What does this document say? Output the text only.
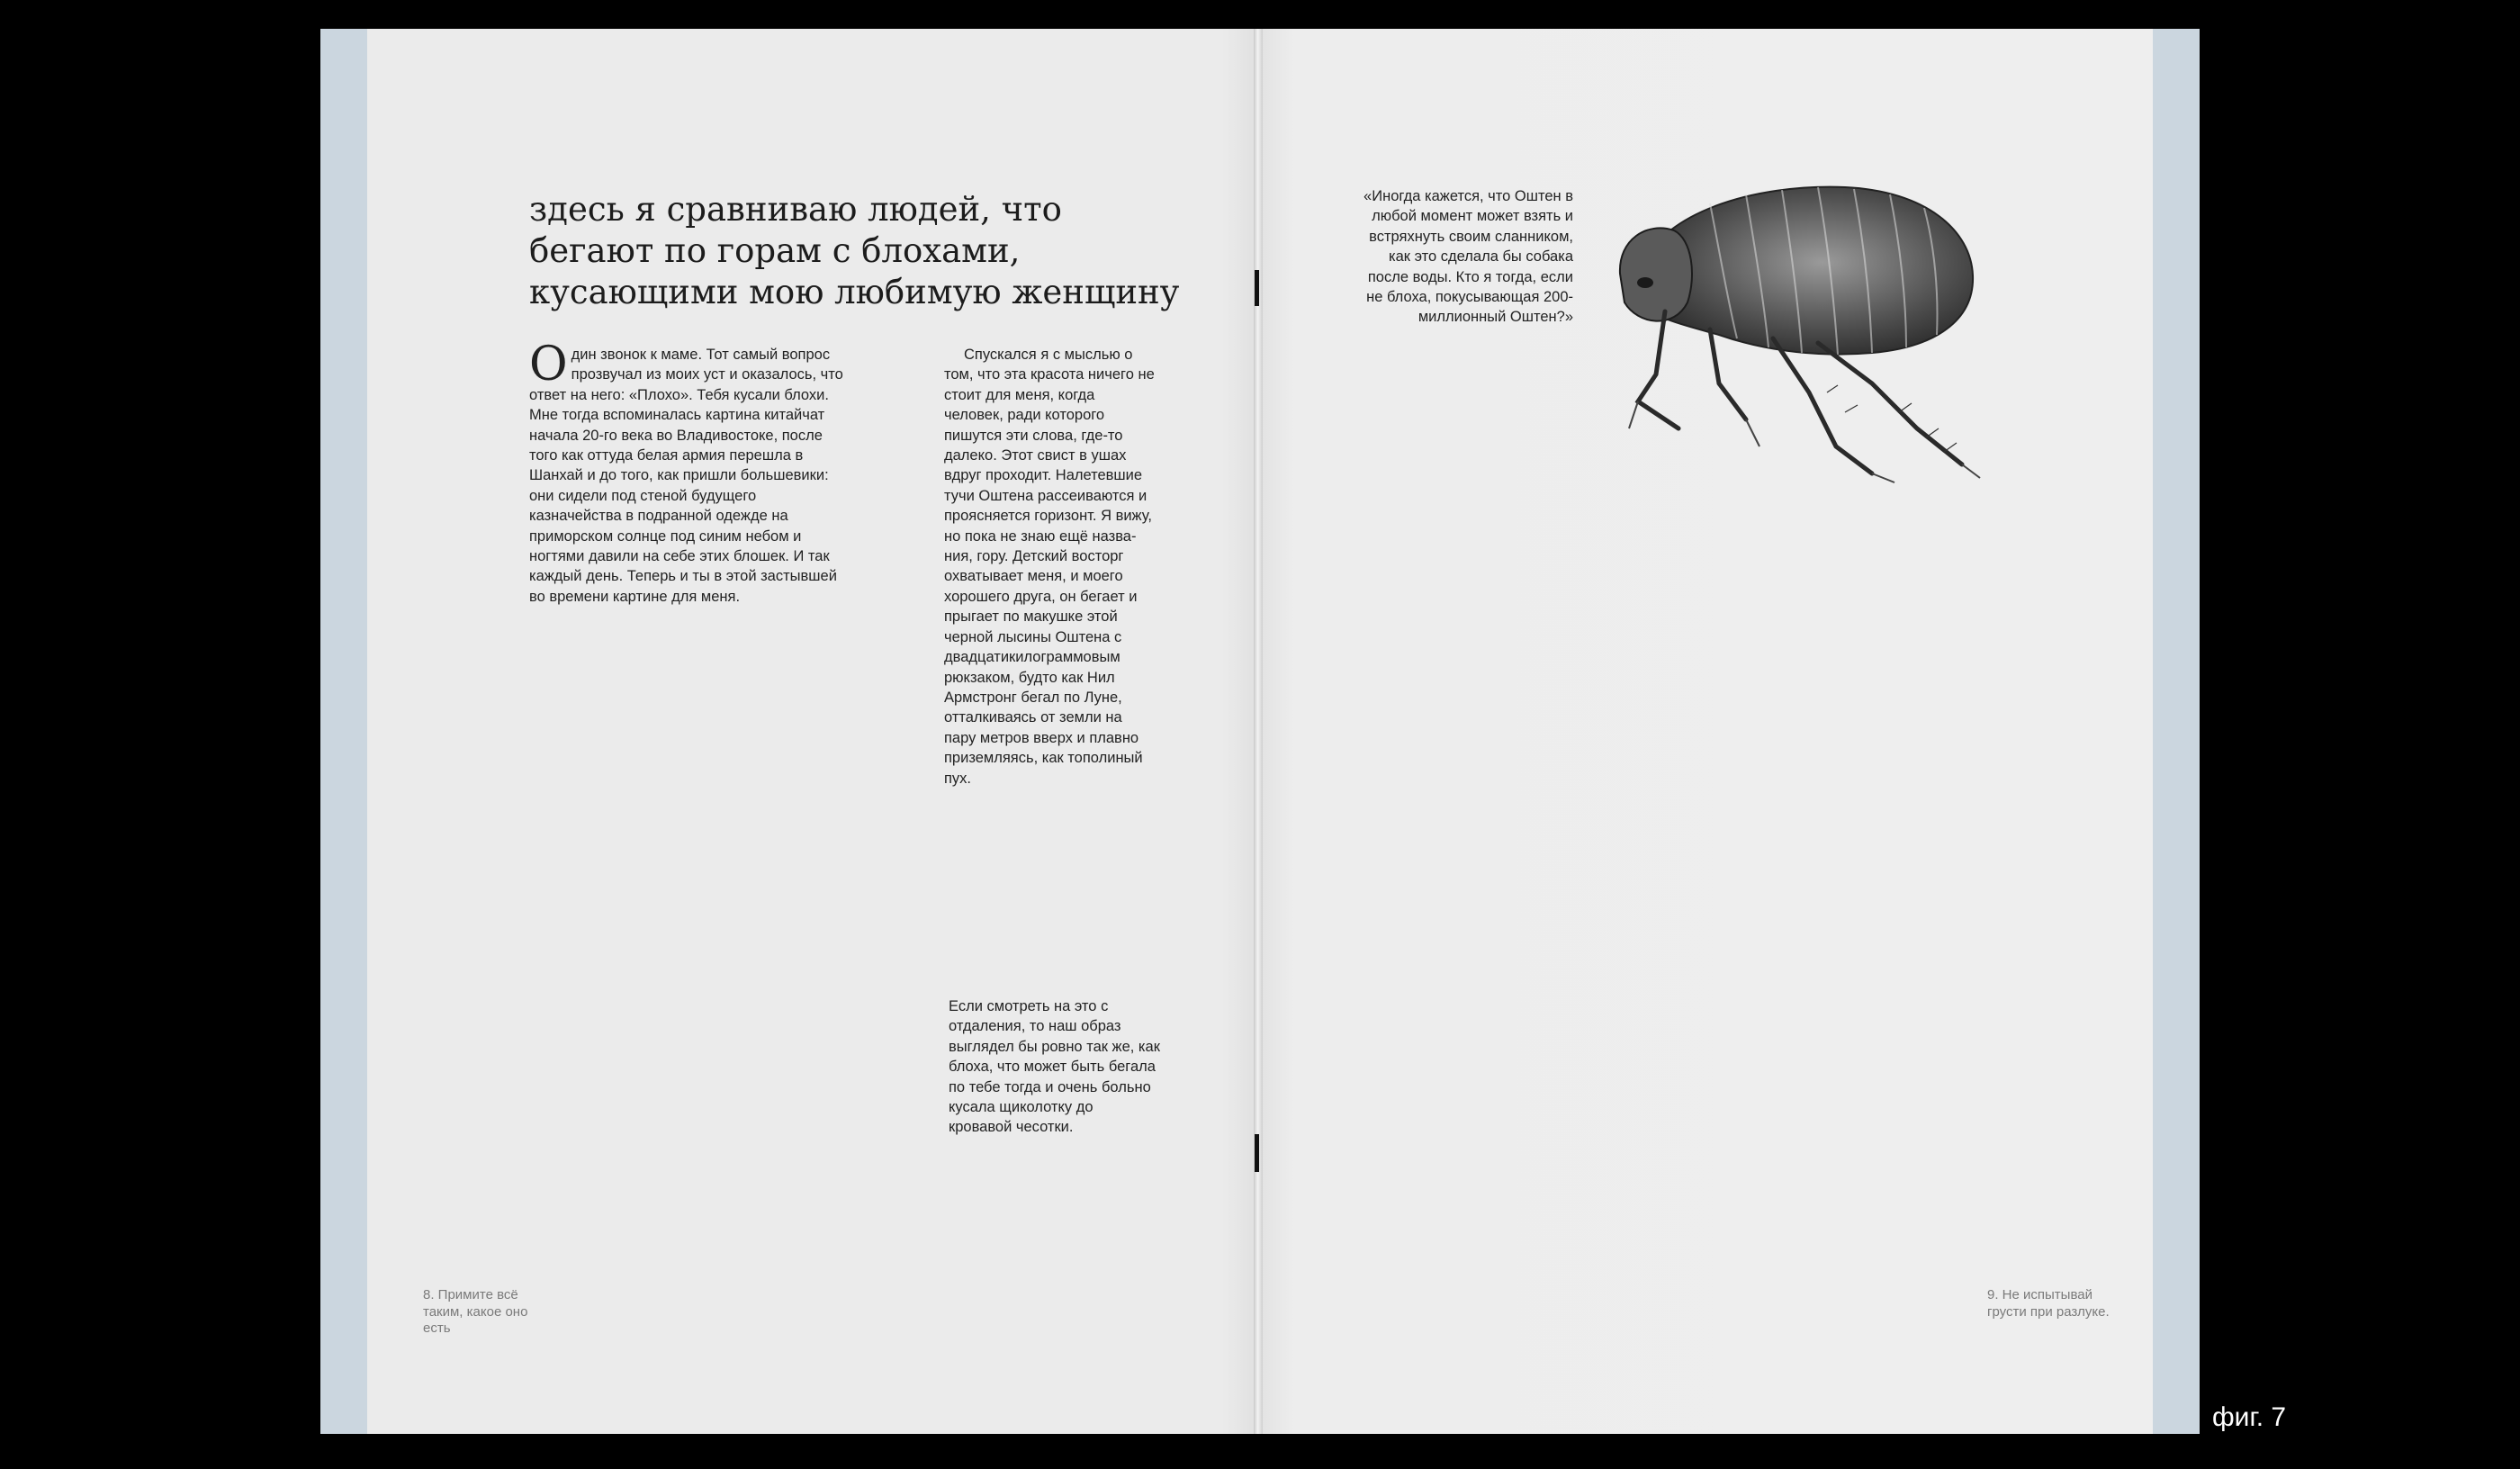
здесь я сравниваю людей, что бегают по горам с блохами, кусающими мою любимую женщину
Один звонок к маме. Тот самый вопрос прозвучал из моих уст и оказалось, что ответ на него: «Плохо». Тебя кусали блохи. Мне тогда вспоминалась картина китайчат начала 20-го века во Владивостоке, после того как оттуда белая армия перешла в Шанхай и до того, как пришли большевики: они сидели под стеной будущего казначейства в подранной одежде на приморском солнце под синим небом и ногтями давили на себе этих блошек. И так каждый день. Теперь и ты в этой застывшей во времени картине для меня.
Спускался я с мыслью о том, что эта красота ничего не стоит для меня, когда человек, ради которого пишутся эти слова, где-то далеко. Этот свист в ушах вдруг проходит. Налетевшие тучи Оштена рассеиваются и проясняется горизонт. Я вижу, но пока не знаю ещё названия, гору. Детский восторг охватывает меня, и моего хорошего друга, он бегает и прыгает по макушке этой черной лысины Оштена с двадцатикилограммовым рюкзаком, будто как Нил Армстронг бегал по Луне, отталкиваясь от земли на пару метров вверх и плавно приземляясь, как тополиный пух.
Если смотреть на это с отдаления, то наш образ выглядел бы ровно так же, как блоха, что может быть бегала по тебе тогда и очень больно кусала щиколотку до кровавой чесотки.
8. Примите всё таким, какое оно есть
«Иногда кажется, что Оштен в любой момент может взять и встряхнуть своим сланником, как это сделала бы собака после воды. Кто я тогда, если не блоха, покусывающая 200-миллионный Оштен?»
9. Не испытывай грусти при разлуке.
фиг. 7
